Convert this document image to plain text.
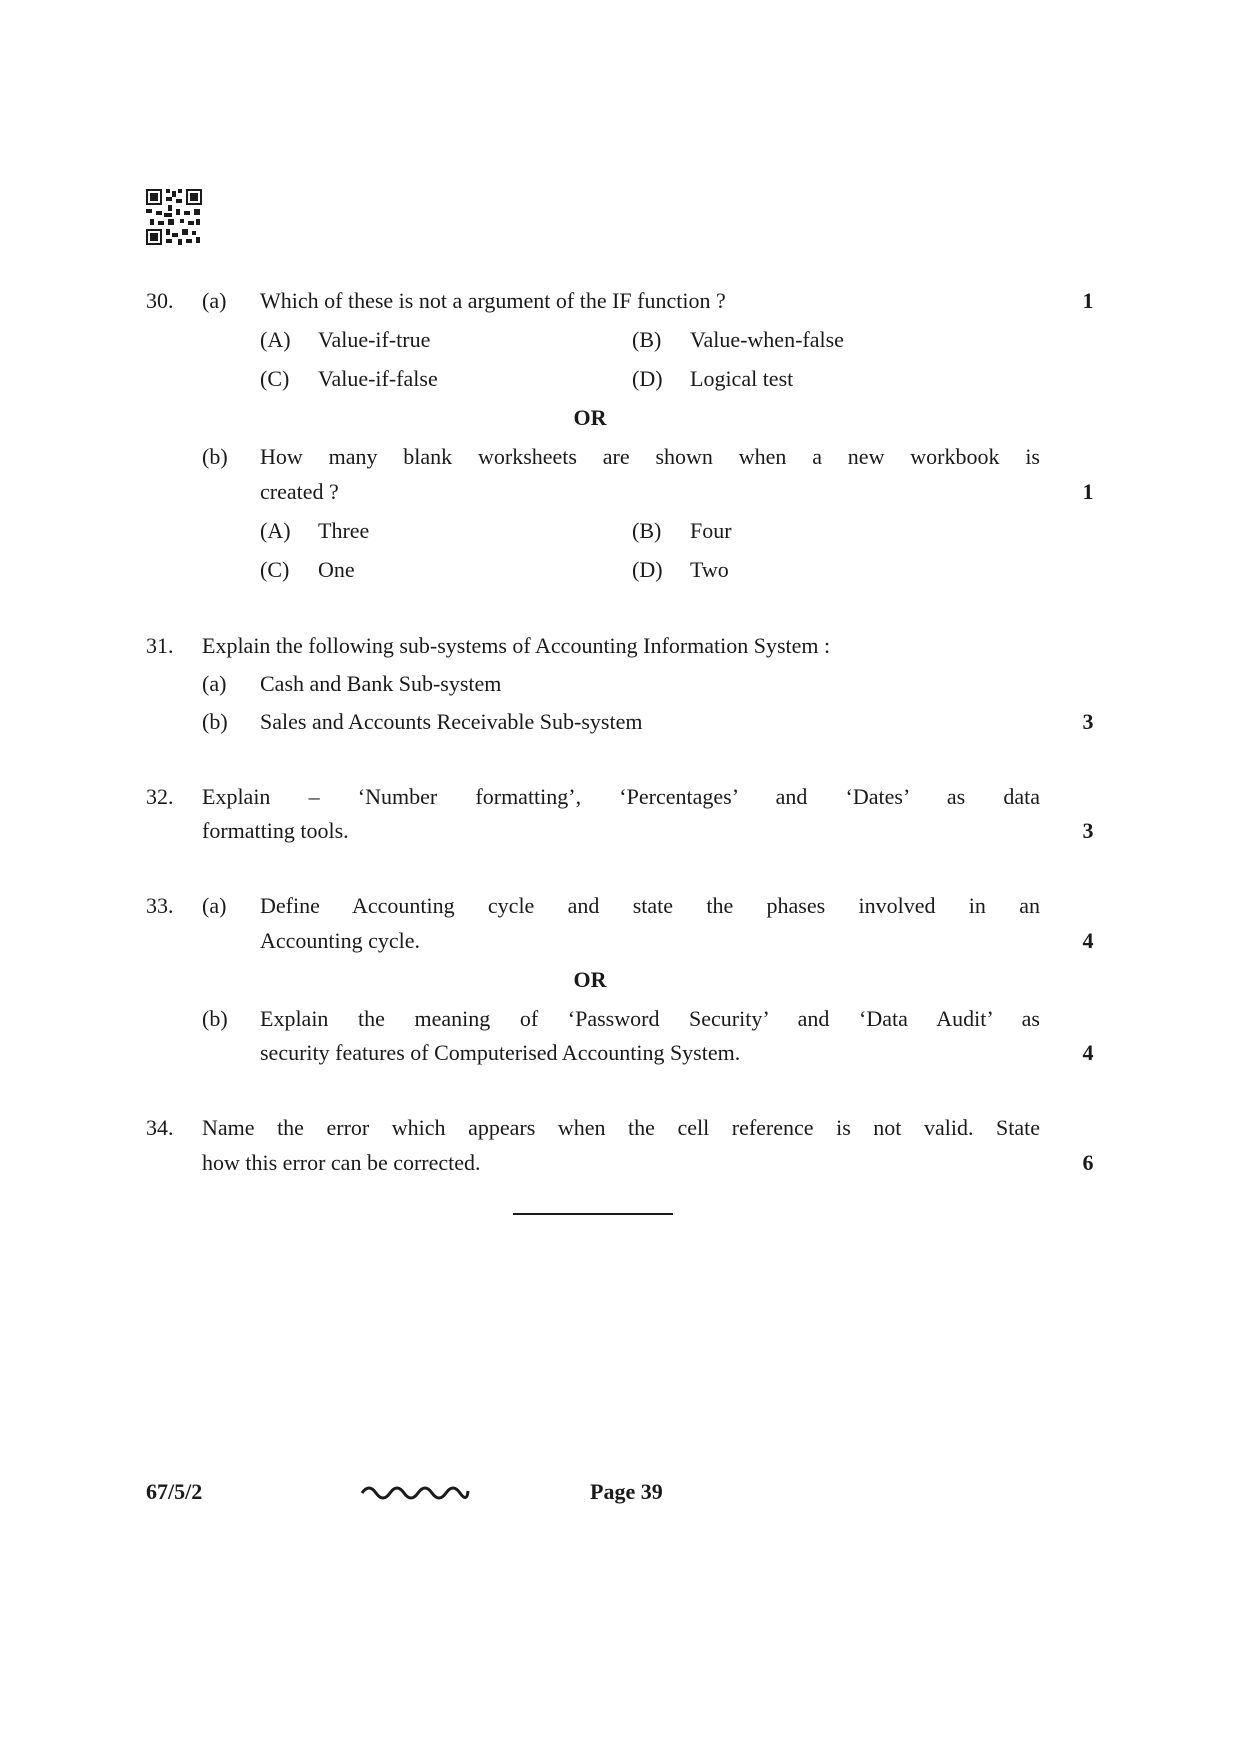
30. (a) Which of these is not a argument of the IF function ?	1
(A) Value-if-true	(B) Value-when-false
(C) Value-if-false	(D) Logical test
OR
(b) How many blank worksheets are shown when a new workbook is
created ?	1
(A) Three	(B) Four
(C) One	(D) Two
31. Explain the following sub-systems of Accounting Information System :
(a) Cash and Bank Sub-system
(b) Sales and Accounts Receivable Sub-system	3
32. Explain – ‘Number formatting’, ‘Percentages’ and ‘Dates’ as data
formatting tools.	3
33. (a) Define Accounting cycle and state the phases involved in an
Accounting cycle.	4
OR
(b) Explain the meaning of ‘Password Security’ and ‘Data Audit’ as
security features of Computerised Accounting System.	4
34. Name the error which appears when the cell reference is not valid. State
how this error can be corrected.	6
67/5/2	Page 39
